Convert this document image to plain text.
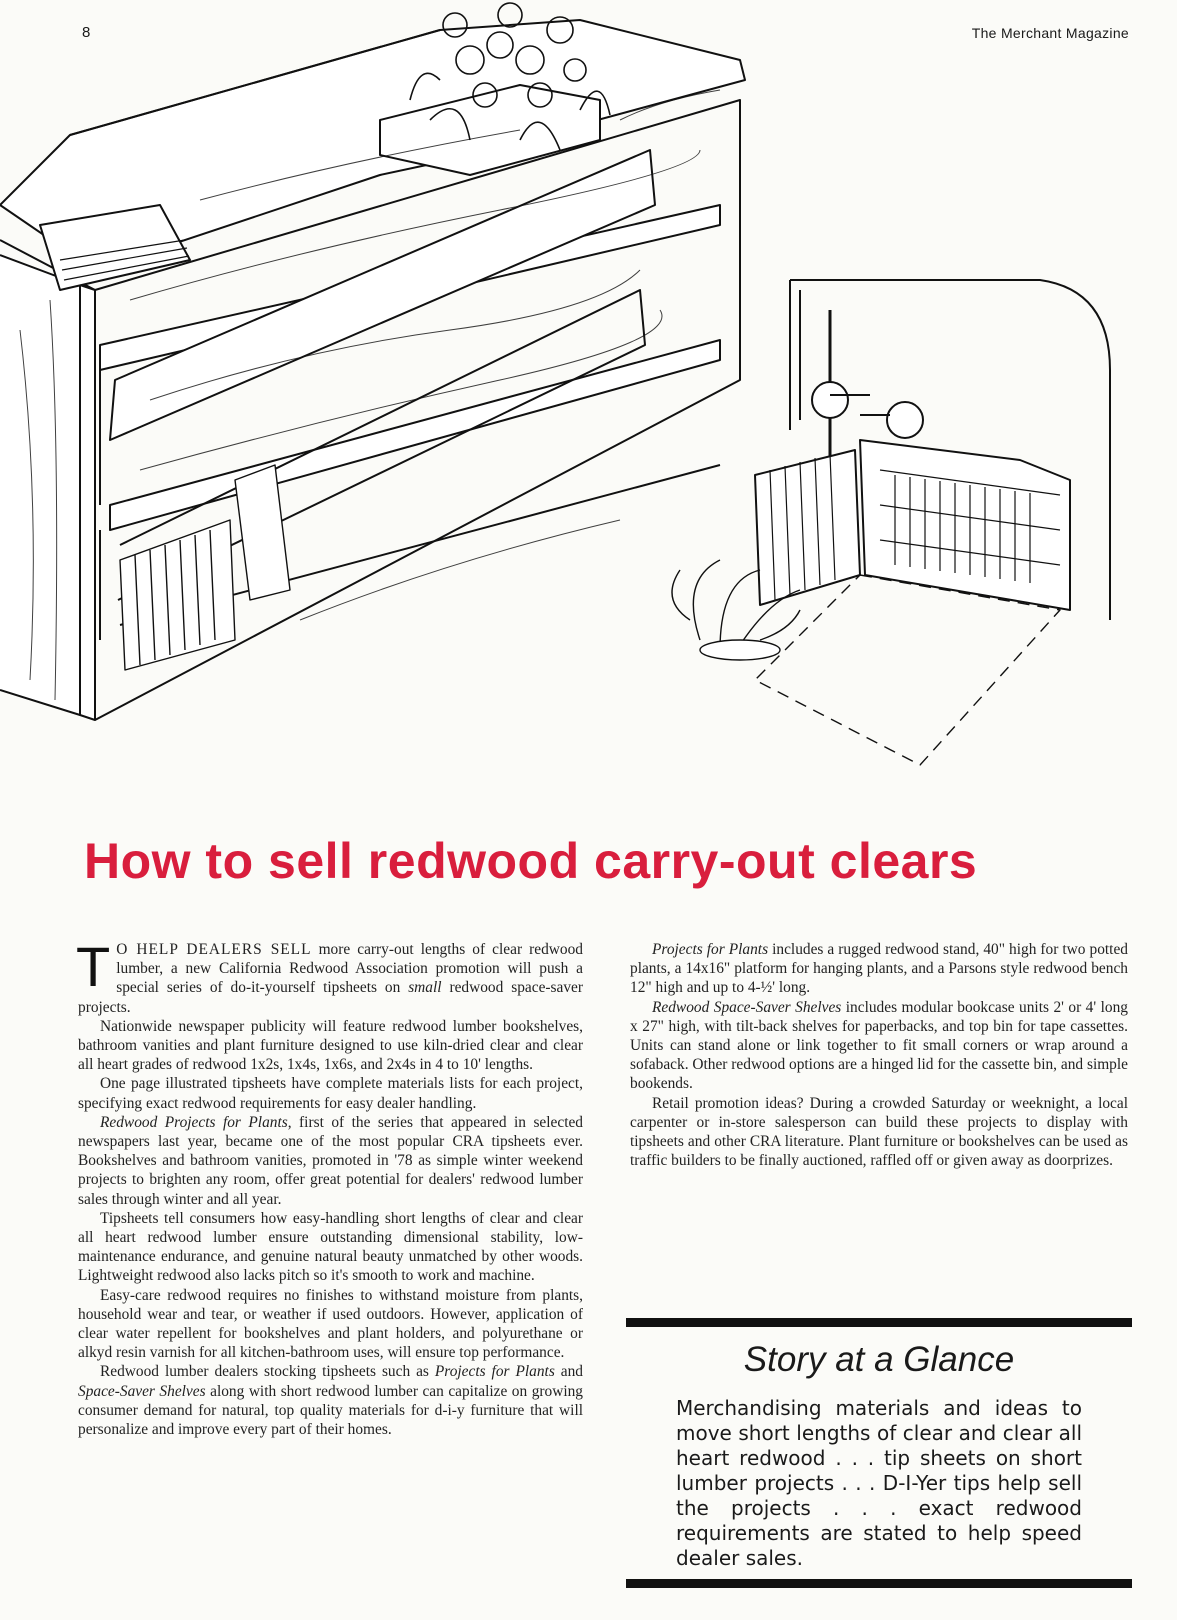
8	The Merchant Magazine
How to sell redwood carry-out clears

T O HELP DEALERS SELL more carry-out lengths of clear redwood lumber, a new California Redwood Association promotion will push a special series of do-it-yourself tipsheets on small redwood space-saver projects.

Nationwide newspaper publicity will feature redwood lumber bookshelves, bathroom vanities and plant furniture designed to use kiln-dried clear and clear all heart grades of redwood 1x2s, 1x4s, 1x6s, and 2x4s in 4 to 10' lengths.

One page illustrated tipsheets have complete materials lists for each project, specifying exact redwood requirements for easy dealer handling.

Redwood Projects for Plants, first of the series that appeared in selected newspapers last year, became one of the most popular CRA tipsheets ever. Bookshelves and bathroom vanities, promoted in '78 as simple winter weekend projects to brighten any room, offer great potential for dealers' redwood lumber sales through winter and all year.

Tipsheets tell consumers how easy-handling short lengths of clear and clear all heart redwood lumber ensure outstanding dimensional stability, low-maintenance endurance, and genuine natural beauty unmatched by other woods. Lightweight redwood also lacks pitch so it's smooth to work and machine.

Easy-care redwood requires no finishes to withstand moisture from plants, household wear and tear, or weather if used outdoors. However, application of clear water repellent for bookshelves and plant holders, and polyurethane or alkyd resin varnish for all kitchen-bathroom uses, will ensure top performance.

Redwood lumber dealers stocking tipsheets such as Projects for Plants and Space-Saver Shelves along with short redwood lumber can capitalize on growing consumer demand for natural, top quality materials for d-i-y furniture that will personalize and improve every part of their homes.

Projects for Plants includes a rugged redwood stand, 40" high for two potted plants, a 14x16" platform for hanging plants, and a Parsons style redwood bench 12" high and up to 4-½' long.

Redwood Space-Saver Shelves includes modular bookcase units 2' or 4' long x 27" high, with tilt-back shelves for paperbacks, and top bin for tape cassettes. Units can stand alone or link together to fit small corners or wrap around a sofaback. Other redwood options are a hinged lid for the cassette bin, and simple bookends.

Retail promotion ideas? During a crowded Saturday or weeknight, a local carpenter or in-store salesperson can build these projects to display with tipsheets and other CRA literature. Plant furniture or bookshelves can be used as traffic builders to be finally auctioned, raffled off or given away as doorprizes.

Story at a Glance
Merchandising materials and ideas to move short lengths of clear and clear all heart redwood . . . tip sheets on short lumber projects . . . D-I-Yer tips help sell the projects . . . exact redwood requirements are stated to help speed dealer sales.
